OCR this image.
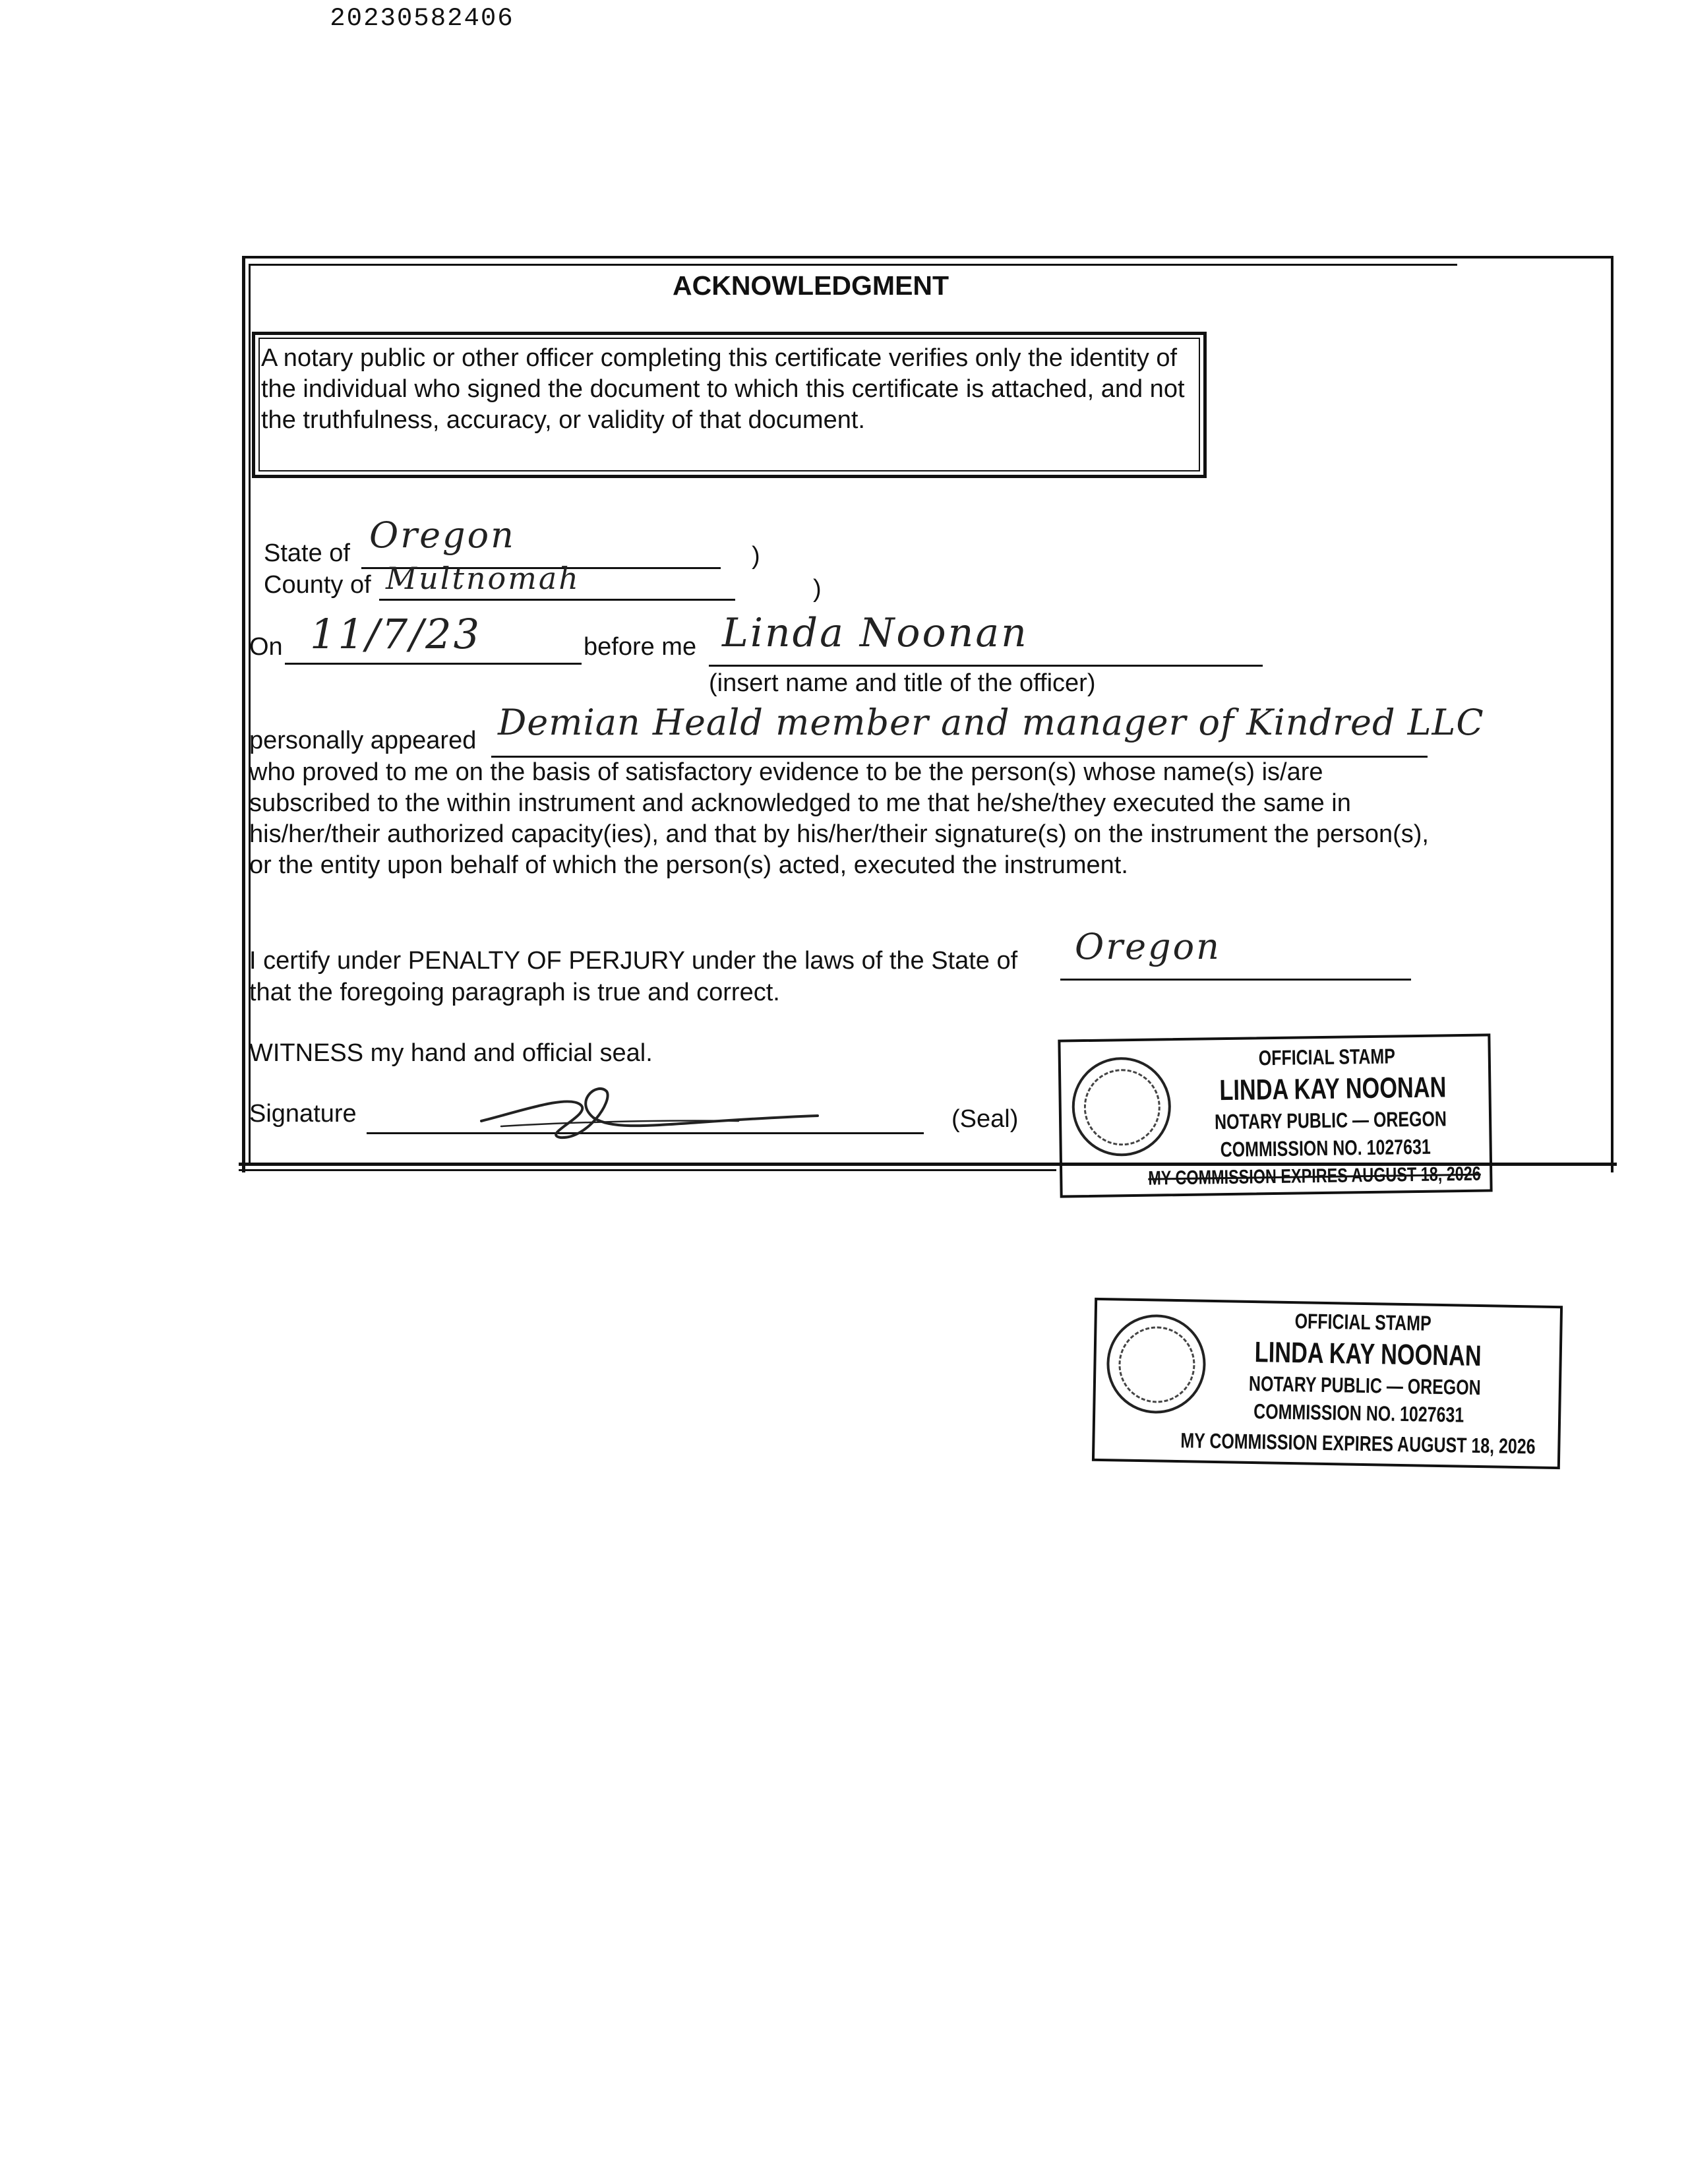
20230582406
ACKNOWLEDGMENT
A notary public or other officer completing this certificate verifies only the identity of the individual who signed the document to which this certificate is attached, and not the truthfulness, accuracy, or validity of that document.
State of Oregon	)
County of Multnomah	)
On 11/7/23	before me Linda Noonan
(insert name and title of the officer)
personally appeared Demian Heald member and manager of Kindred LLC
who proved to me on the basis of satisfactory evidence to be the person(s) whose name(s) is/are subscribed to the within instrument and acknowledged to me that he/she/they executed the same in his/her/their authorized capacity(ies), and that by his/her/their signature(s) on the instrument the person(s), or the entity upon behalf of which the person(s) acted, executed the instrument.
I certify under PENALTY OF PERJURY under the laws of the State of Oregon
that the foregoing paragraph is true and correct.
WITNESS my hand and official seal.
Signature	(Seal)
OFFICIAL STAMP
LINDA KAY NOONAN
NOTARY PUBLIC — OREGON
COMMISSION NO. 1027631
MY COMMISSION EXPIRES AUGUST 18, 2026
OFFICIAL STAMP
LINDA KAY NOONAN
NOTARY PUBLIC — OREGON
COMMISSION NO. 1027631
MY COMMISSION EXPIRES AUGUST 18, 2026
